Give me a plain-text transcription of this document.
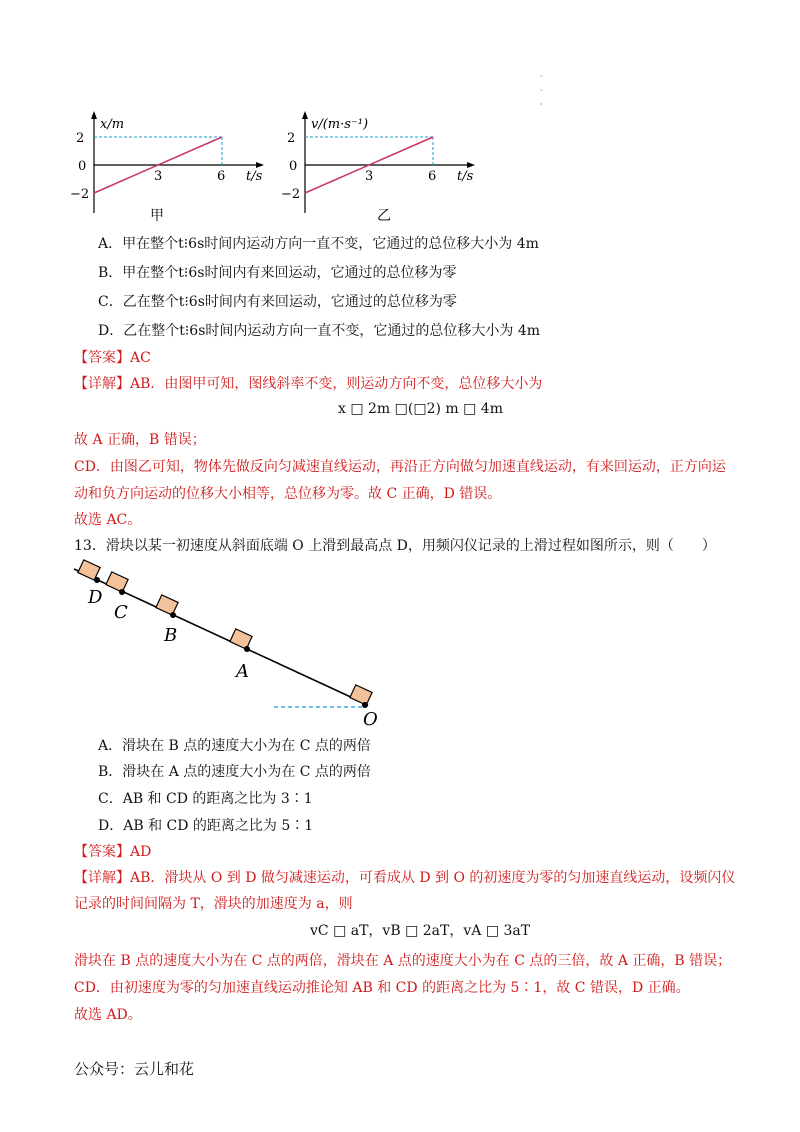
·
·
·
x/m
2
0
−2
3	6 t/s
甲
v/(m·s⁻¹)
2
0
−2
3	6 t/s
乙
A．甲在整个t⁝6s时间内运动方向一直不变，它通过的总位移大小为 4m
B．甲在整个t⁝6s时间内有来回运动，它通过的总位移为零
C．乙在整个t⁝6s时间内有来回运动，它通过的总位移为零
D．乙在整个t⁝6s时间内运动方向一直不变，它通过的总位移大小为 4m
【答案】AC
【详解】AB．由图甲可知，图线斜率不变，则运动方向不变，总位移大小为
x □ 2m □(□2) m □ 4m
故 A 正确，B 错误；
CD．由图乙可知，物体先做反向匀减速直线运动，再沿正方向做匀加速直线运动，有来回运动，正方向运
动和负方向运动的位移大小相等，总位移为零。故 C 正确，D 错误。
故选 AC。
13．滑块以某一初速度从斜面底端 O 上滑到最高点 D，用频闪仪记录的上滑过程如图所示，则（　　）
D
C
B
A
O
A．滑块在 B 点的速度大小为在 C 点的两倍
B．滑块在 A 点的速度大小为在 C 点的两倍
C．AB 和 CD 的距离之比为 3∶1
D．AB 和 CD 的距离之比为 5∶1
【答案】AD
【详解】AB．滑块从 O 到 D 做匀减速运动，可看成从 D 到 O 的初速度为零的匀加速直线运动，设频闪仪
记录的时间间隔为 T，滑块的加速度为 a，则
vC □ aT，vB □ 2aT，vA □ 3aT
滑块在 B 点的速度大小为在 C 点的两倍，滑块在 A 点的速度大小为在 C 点的三倍，故 A 正确，B 错误；
CD．由初速度为零的匀加速直线运动推论知 AB 和 CD 的距离之比为 5∶1，故 C 错误，D 正确。
故选 AD。
公众号：云儿和花
